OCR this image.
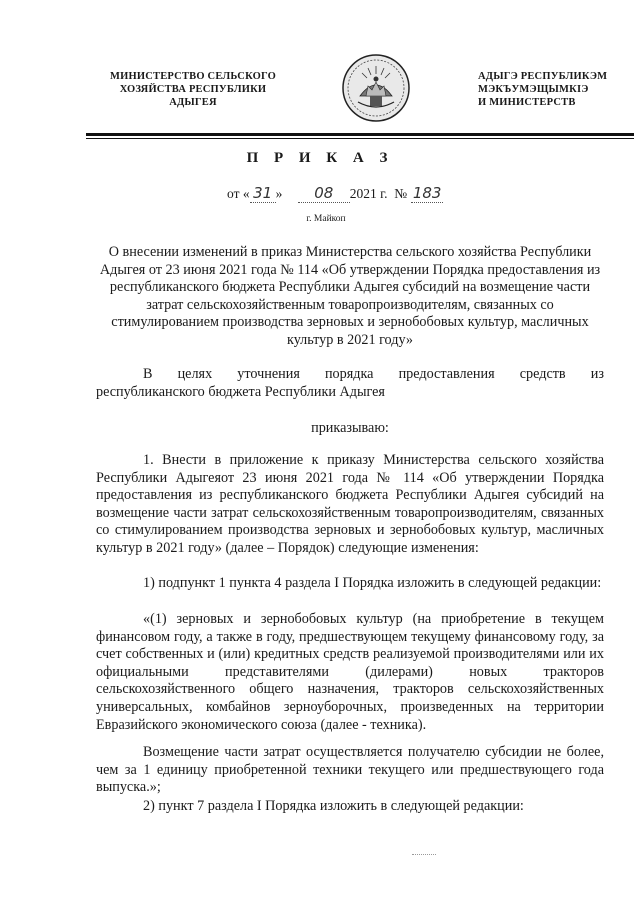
МИНИСТЕРСТВО СЕЛЬСКОГО
ХОЗЯЙСТВА РЕСПУБЛИКИ
АДЫГЕЯ
АДЫГЭ РЕСПУБЛИКЭМ
МЭКЪУМЭЩЫМКIЭ
И МИНИСТЕРСТВ
П Р И К А З
от « 31 » 08 2021 г. № 183
г. Майкоп
О внесении изменений в приказ Министерства сельского хозяйства Республики Адыгея от 23 июня 2021 года № 114 «Об утверждении Порядка предоставления из республиканского бюджета Республики Адыгея субсидий на возмещение части затрат сельскохозяйственным товаропроизводителям, связанных со стимулированием производства зерновых и зернобобовых культур, масличных культур в 2021 году»
В целях уточнения порядка предоставления средств из
республиканского бюджета Республики Адыгея
приказываю:
1. Внести в приложение к приказу Министерства сельского хозяйства Республики Адыгеяот 23 июня 2021 года № 114 «Об утверждении Порядка предоставления из республиканского бюджета Республики Адыгея субсидий на возмещение части затрат сельскохозяйственным товаропроизводителям, связанных со стимулированием производства зерновых и зернобобовых культур, масличных культур в 2021 году» (далее – Порядок) следующие изменения:
1) подпункт 1 пункта 4 раздела I Порядка изложить в следующей редакции:
«(1) зерновых и зернобобовых культур (на приобретение в текущем финансовом году, а также в году, предшествующем текущему финансовому году, за счет собственных и (или) кредитных средств реализуемой производителями или их официальными представителями (дилерами) новых тракторов сельскохозяйственного общего назначения, тракторов сельскохозяйственных универсальных, комбайнов зерноуборочных, произведенных на территории Евразийского экономического союза (далее - техника).
Возмещение части затрат осуществляется получателю субсидии не более, чем за 1 единицу приобретенной техники текущего или предшествующего года выпуска.»;
2) пункт 7 раздела I Порядка изложить в следующей редакции:
